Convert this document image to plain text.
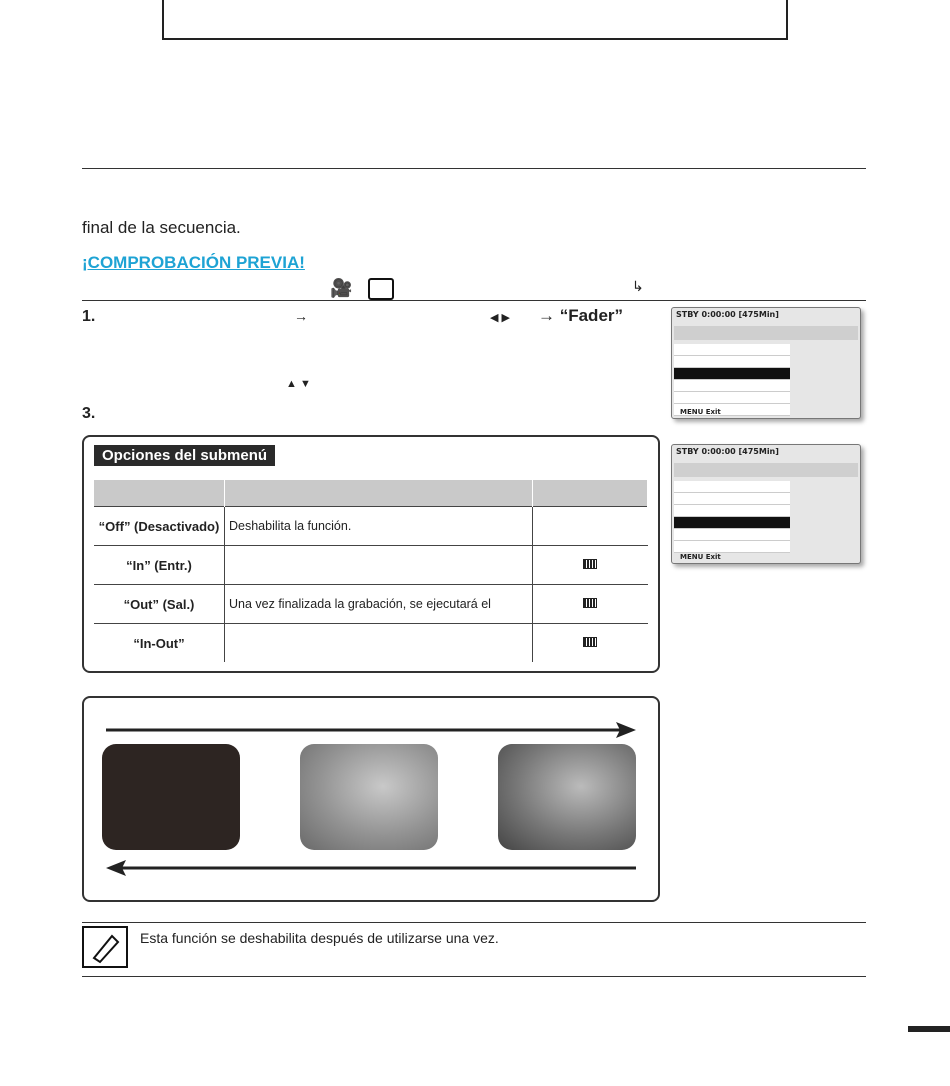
final de la secuencia.
¡COMPROBACIÓN PREVIA!
🎥	↳
1.	→	◀ ▶ → “Fader”
▲ ▼
3.
STBY 0:00:00 [475Min]
MENU Exit
STBY 0:00:00 [475Min]
MENU Exit
Opciones del submenú

“Off” (Desactivado)	Deshabilita la función.	
“In” (Entr.)		
“Out” (Sal.)	Una vez finalizada la grabación, se ejecutará el	
“In-Out”		
Esta función se deshabilita después de utilizarse una vez.
